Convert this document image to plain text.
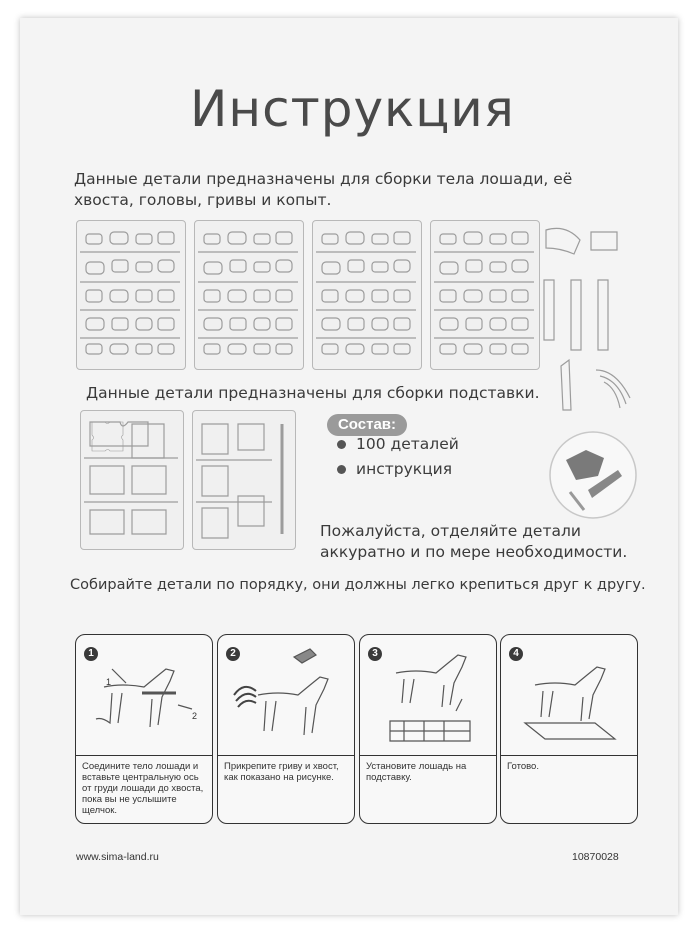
Инструкция
Данные детали предназначены для сборки тела лошади, её хвоста, головы, гривы и копыт.
Данные детали предназначены для сборки подставки.
Состав:
100 деталей
инструкция
Пожалуйста, отделяйте детали аккуратно и по мере необходимости.
Собирайте детали по порядку, они должны легко крепиться друг к другу.
1
2
1
Соедините тело лошади и вставьте центральную ось от груди лошади до хвоста, пока вы не услышите щелчок.
2
Прикрепите гриву и хвост, как показано на рисунке.
3
Установите лошадь на подставку.
4
Готово.
www.sima-land.ru	10870028
